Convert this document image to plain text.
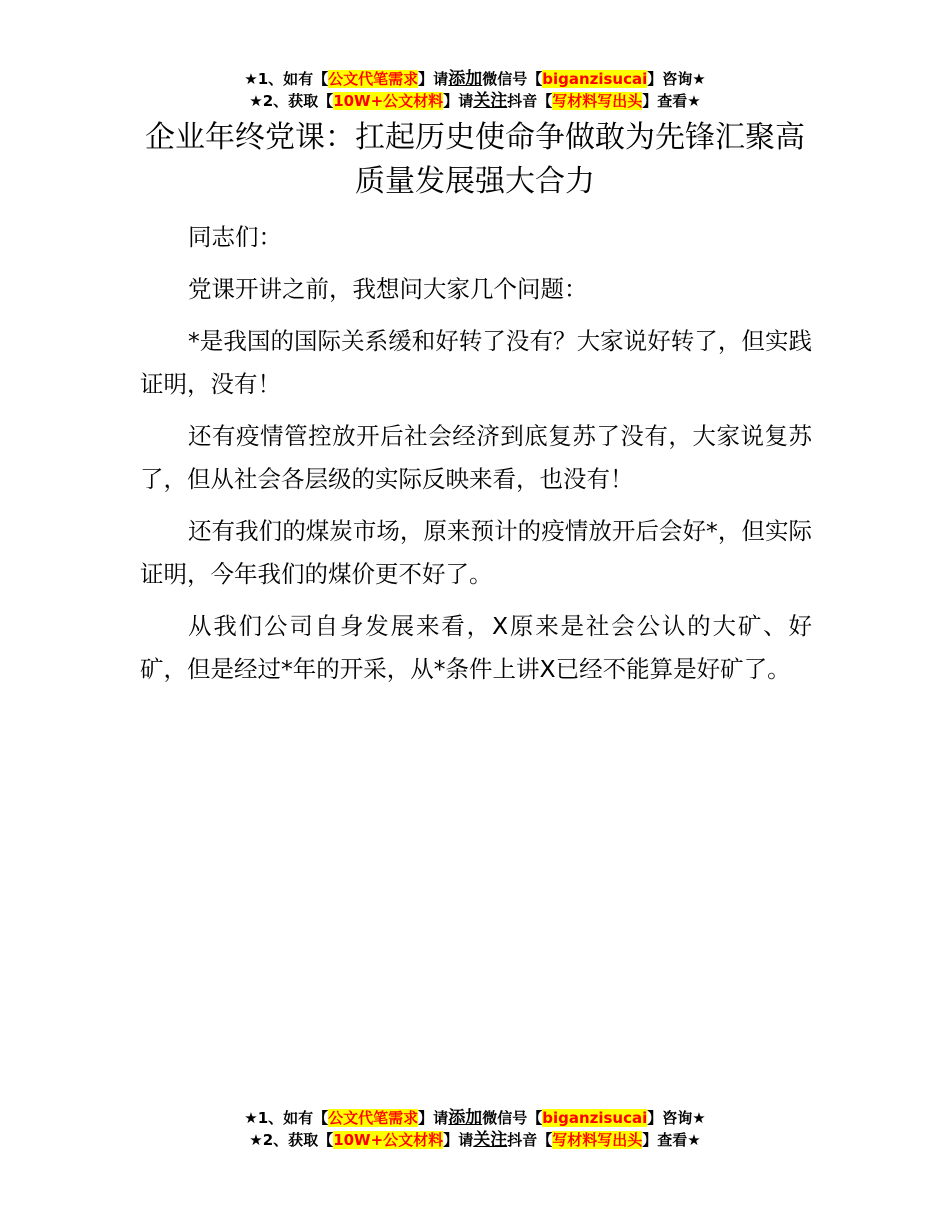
★1、如有【公文代笔需求】请添加微信号【biganzisucai】咨询★
★2、获取【10W+公文材料】请关注抖音【写材料写出头】查看★
企业年终党课：扛起历史使命争做敢为先锋汇聚高质量发展强大合力

同志们：

党课开讲之前，我想问大家几个问题：

*是我国的国际关系缓和好转了没有？大家说好转了，但实践证明，没有！

还有疫情管控放开后社会经济到底复苏了没有，大家说复苏了，但从社会各层级的实际反映来看，也没有！

还有我们的煤炭市场，原来预计的疫情放开后会好*，但实际证明，今年我们的煤价更不好了。

从我们公司自身发展来看，X原来是社会公认的大矿、好矿，但是经过*年的开采，从*条件上讲X已经不能算是好矿了。

★1、如有【公文代笔需求】请添加微信号【biganzisucai】咨询★
★2、获取【10W+公文材料】请关注抖音【写材料写出头】查看★
